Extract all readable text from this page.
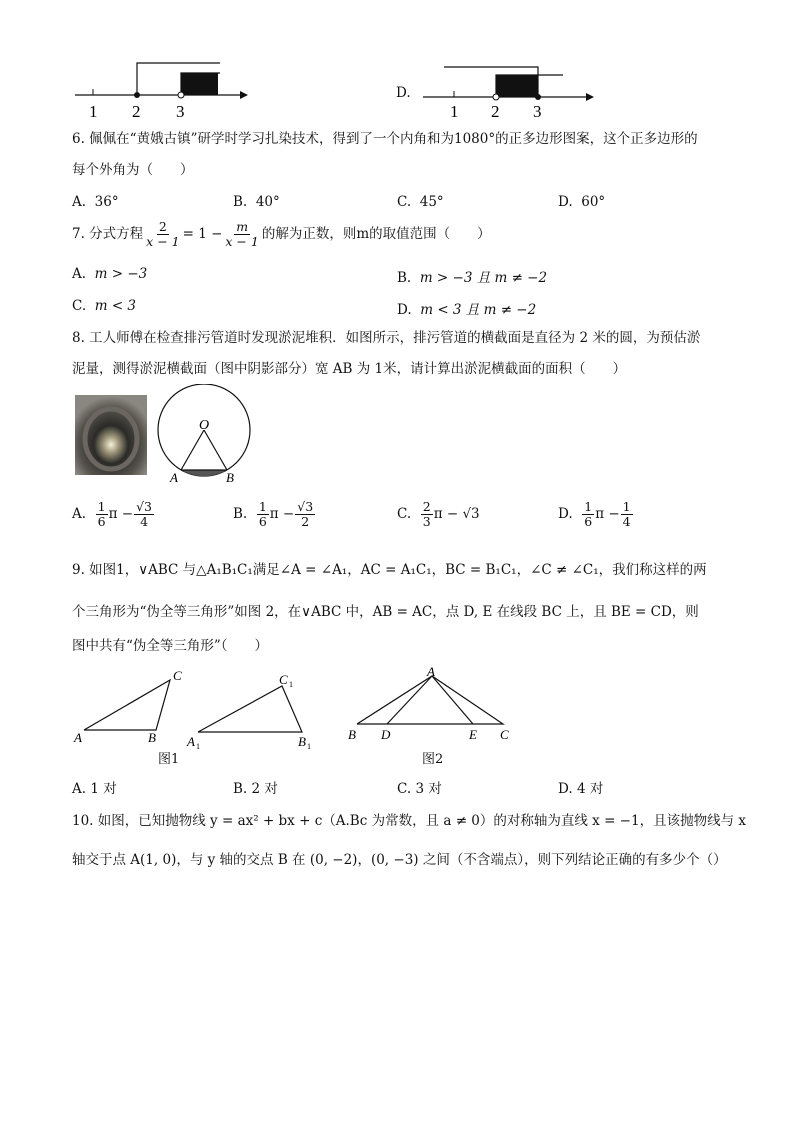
1 2 3
D.
1 2 3
6. 佩佩在“黄娥古镇”研学时学习扎染技术，得到了一个内角和为1080°的正多边形图案，这个正多边形的
每个外角为（　　）
A. 36°	B. 40°	C. 45°	D. 60°
7. 分式方程 $\frac{2}{x - 1} = 1 - \frac{m}{x - 1}$ 的解为正数，则m的取值范围（　　）
A. m > −3	B. m > −3 且 m ≠ −2
C. m < 3	D. m < 3 且 m ≠ −2
8. 工人师傅在检查排污管道时发现淤泥堆积．如图所示，排污管道的横截面是直径为 2 米的圆，为预估淤
泥量，测得淤泥横截面（图中阴影部分）宽 AB 为 1米，请计算出淤泥横截面的面积（　　）
O
A	B
A.
$\frac{1}{6}$ $\pi - \frac{√3}{4}$	B.
$\frac{1}{6}$ $\pi - \frac{√3}{2}$	C.
$\frac{2}{3}$ π − √3	D.
$\frac{1}{6}$ $\pi - \frac{1}{4}$
9. 如图1，∨ABC 与△A₁B₁C₁满足∠A = ∠A₁，AC = A₁C₁，BC = B₁C₁，∠C ≠ ∠C₁，我们称这样的两
个三角形为“伪全等三角形”如图 2，在∨ABC 中，AB = AC，点 D, E 在线段 BC 上，且 BE = CD，则
图中共有“伪全等三角形”（　　）
C
A	B
C 1
A 1	B 1
图1
A
B D	E C
图2
A. 1 对	B. 2 对	C. 3 对	D. 4 对
10. 如图，已知抛物线 y = ax² + bx + c（A.Bc 为常数，且 a ≠ 0）的对称轴为直线 x = −1，且该抛物线与 x
轴交于点 A(1, 0)，与 y 轴的交点 B 在 (0, −2)，(0, −3) 之间（不含端点），则下列结论正确的有多少个（）
